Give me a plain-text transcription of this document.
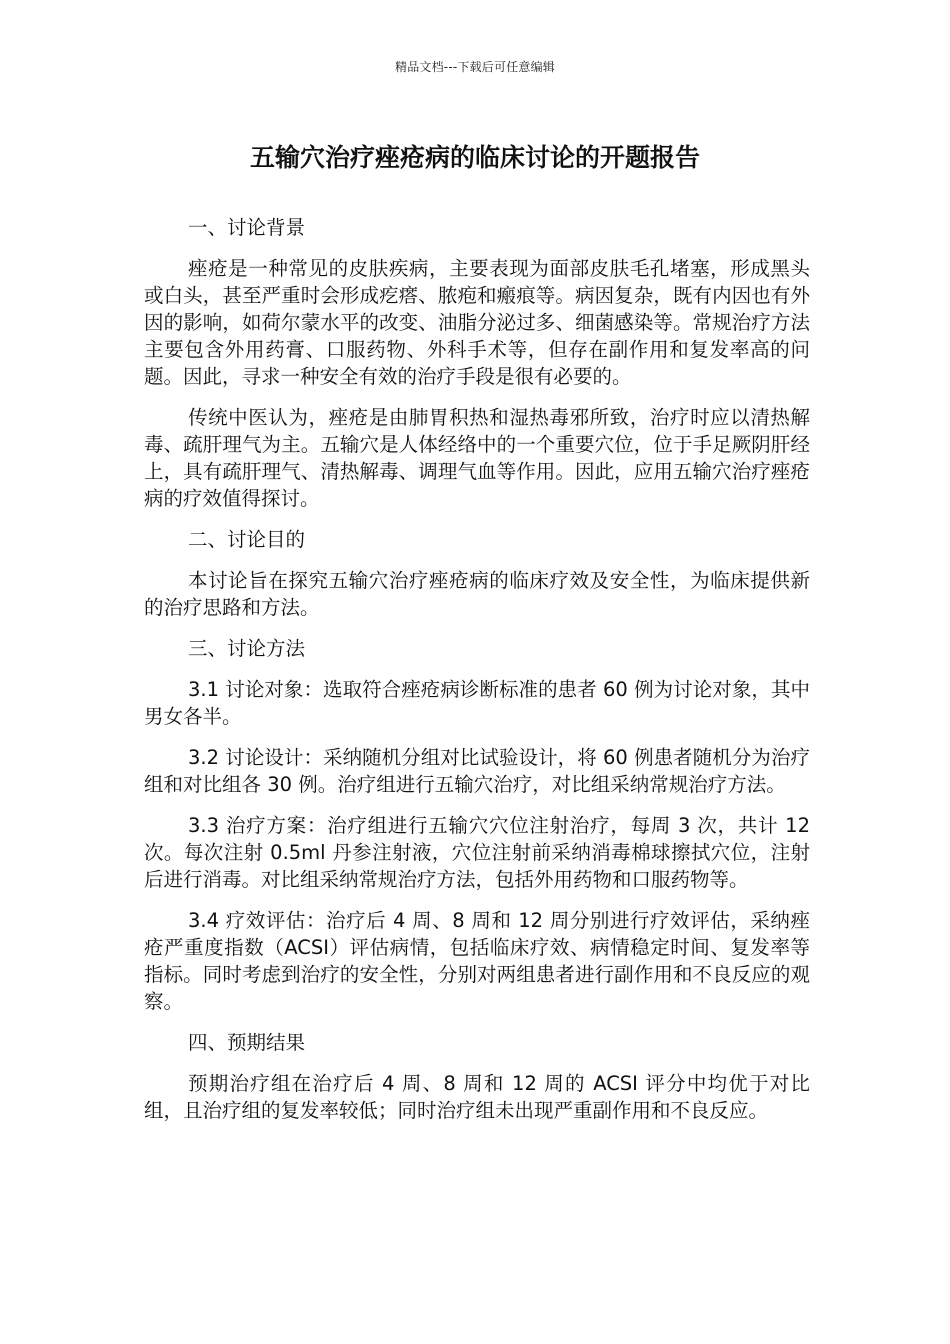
精品文档---下载后可任意编辑
五输穴治疗痤疮病的临床讨论的开题报告

一、讨论背景

痤疮是一种常见的皮肤疾病，主要表现为面部皮肤毛孔堵塞，形成黑头或白头，甚至严重时会形成疙瘩、脓疱和瘢痕等。病因复杂，既有内因也有外因的影响，如荷尔蒙水平的改变、油脂分泌过多、细菌感染等。常规治疗方法主要包含外用药膏、口服药物、外科手术等，但存在副作用和复发率高的问题。因此，寻求一种安全有效的治疗手段是很有必要的。

传统中医认为，痤疮是由肺胃积热和湿热毒邪所致，治疗时应以清热解毒、疏肝理气为主。五输穴是人体经络中的一个重要穴位，位于手足厥阴肝经上，具有疏肝理气、清热解毒、调理气血等作用。因此，应用五输穴治疗痤疮病的疗效值得探讨。

二、讨论目的

本讨论旨在探究五输穴治疗痤疮病的临床疗效及安全性，为临床提供新的治疗思路和方法。

三、讨论方法

3.1 讨论对象：选取符合痤疮病诊断标准的患者 60 例为讨论对象，其中男女各半。

3.2 讨论设计：采纳随机分组对比试验设计，将 60 例患者随机分为治疗组和对比组各 30 例。治疗组进行五输穴治疗，对比组采纳常规治疗方法。

3.3 治疗方案：治疗组进行五输穴穴位注射治疗，每周 3 次，共计 12 次。每次注射 0.5ml 丹参注射液，穴位注射前采纳消毒棉球擦拭穴位，注射后进行消毒。对比组采纳常规治疗方法，包括外用药物和口服药物等。

3.4 疗效评估：治疗后 4 周、8 周和 12 周分别进行疗效评估，采纳痤疮严重度指数（ACSI）评估病情，包括临床疗效、病情稳定时间、复发率等指标。同时考虑到治疗的安全性，分别对两组患者进行副作用和不良反应的观察。

四、预期结果

预期治疗组在治疗后 4 周、8 周和 12 周的 ACSI 评分中均优于对比组，且治疗组的复发率较低；同时治疗组未出现严重副作用和不良反应。
